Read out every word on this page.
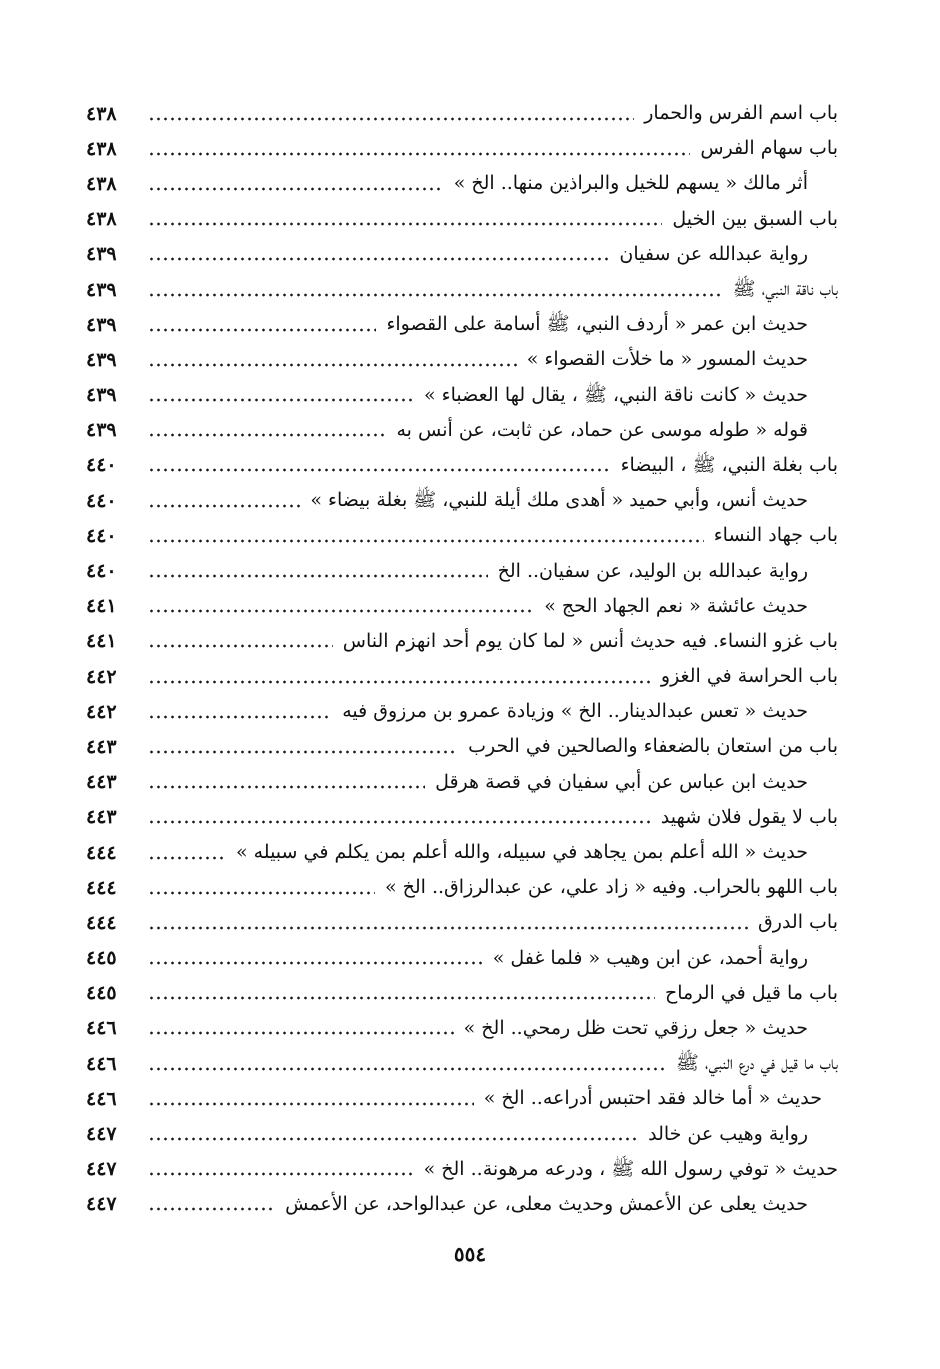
باب اسم الفرس والحمار
٤٣٨
باب سهام الفرس
٤٣٨
أثر مالك « يسهم للخيل والبراذين منها.. الخ »
٤٣٨
باب السبق بين الخيل
٤٣٨
رواية عبدالله عن سفيان
٤٣٩
باب ناقة النبي، ﷺ
٤٣٩
حديث ابن عمر « أردف النبي، ﷺ أسامة على القصواء
٤٣٩
حديث المسور « ما خلأت القصواء »
٤٣٩
حديث « كانت ناقة النبي، ﷺ ، يقال لها العضباء »
٤٣٩
قوله « طوله موسى عن حماد، عن ثابت، عن أنس به
٤٣٩
باب بغلة النبي، ﷺ ، البيضاء
٤٤٠
حديث أنس، وأبي حميد « أهدى ملك أيلة للنبي، ﷺ بغلة بيضاء »
٤٤٠
باب جهاد النساء
٤٤٠
رواية عبدالله بن الوليد، عن سفيان.. الخ
٤٤٠
حديث عائشة « نعم الجهاد الحج »
٤٤١
باب غزو النساء. فيه حديث أنس « لما كان يوم أحد انهزم الناس
٤٤١
باب الحراسة في الغزو
٤٤٢
حديث « تعس عبدالدينار.. الخ » وزيادة عمرو بن مرزوق فيه
٤٤٢
باب من استعان بالضعفاء والصالحين في الحرب
٤٤٣
حديث ابن عباس عن أبي سفيان في قصة هرقل
٤٤٣
باب لا يقول فلان شهيد
٤٤٣
حديث « الله أعلم بمن يجاهد في سبيله، والله أعلم بمن يكلم في سبيله »
٤٤٤
باب اللهو بالحراب. وفيه « زاد علي، عن عبدالرزاق.. الخ »
٤٤٤
باب الدرق
٤٤٤
رواية أحمد، عن ابن وهيب « فلما غفل »
٤٤٥
باب ما قيل في الرماح
٤٤٥
حديث « جعل رزقي تحت ظل رمحي.. الخ »
٤٤٦
باب ما قيل في درع النبي، ﷺ
٤٤٦
حديث « أما خالد فقد احتبس أدراعه.. الخ »
٤٤٦
رواية وهيب عن خالد
٤٤٧
حديث « توفي رسول الله ﷺ ، ودرعه مرهونة.. الخ »
٤٤٧
حديث يعلى عن الأعمش وحديث معلى، عن عبدالواحد، عن الأعمش
٤٤٧
٥٥٤
